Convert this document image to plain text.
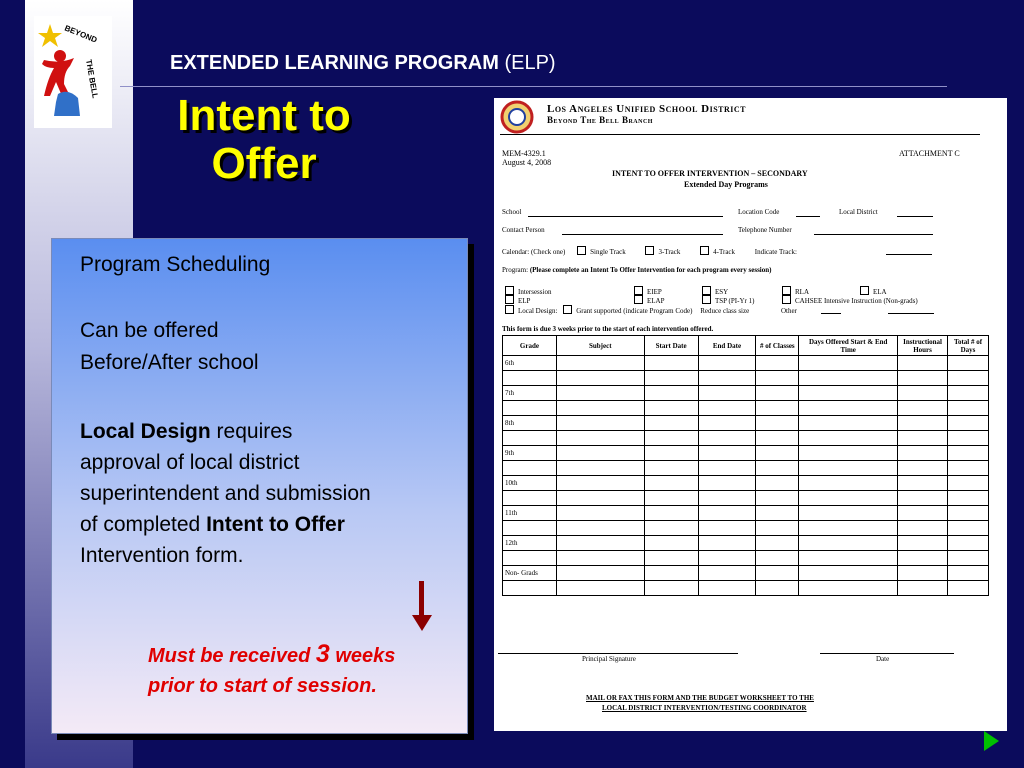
BEYOND
THE BELL	EXTENDED LEARNING PROGRAM (ELP)
Intent to
Offer
Program Scheduling
Can be offered
Before/After school
Local Design requires
approval of local district
superintendent and submission
of completed Intent to Offer
Intervention form.
Must be received 3 weeks
prior to start of session.
Los Angeles Unified School District
Beyond The Bell Branch
MEM-4329.1
August 4, 2008
ATTACHMENT C
INTENT TO OFFER INTERVENTION – SECONDARY
Extended Day Programs
School	Location Code	Local District
Contact Person	Telephone Number
Calendar: (Check one)	Single Track	3-Track	4-Track	Indicate Track:
Program: (Please complete an Intent To Offer Intervention for each program every session)
Intersession	EIEP	ESY	RLA	ELA
ELP	ELAP	TSP (PI-Yr 1)	CAHSEE Intensive Instruction (Non-grads)
Local Design:	Grant supported (indicate Program Code) Reduce class size	Other
This form is due 3 weeks prior to the start of each intervention offered.
Grade	Subject	Start Date	End Date	# of Classes	Days Offered Start & End Time	Instructional Hours	Total # of Days
6th							

7th							

8th							

9th							

10th							

11th							

12th							

Non- Grads							

Principal Signature	Date
MAIL OR FAX THIS FORM AND THE BUDGET WORKSHEET TO THE
LOCAL DISTRICT INTERVENTION/TESTING COORDINATOR
